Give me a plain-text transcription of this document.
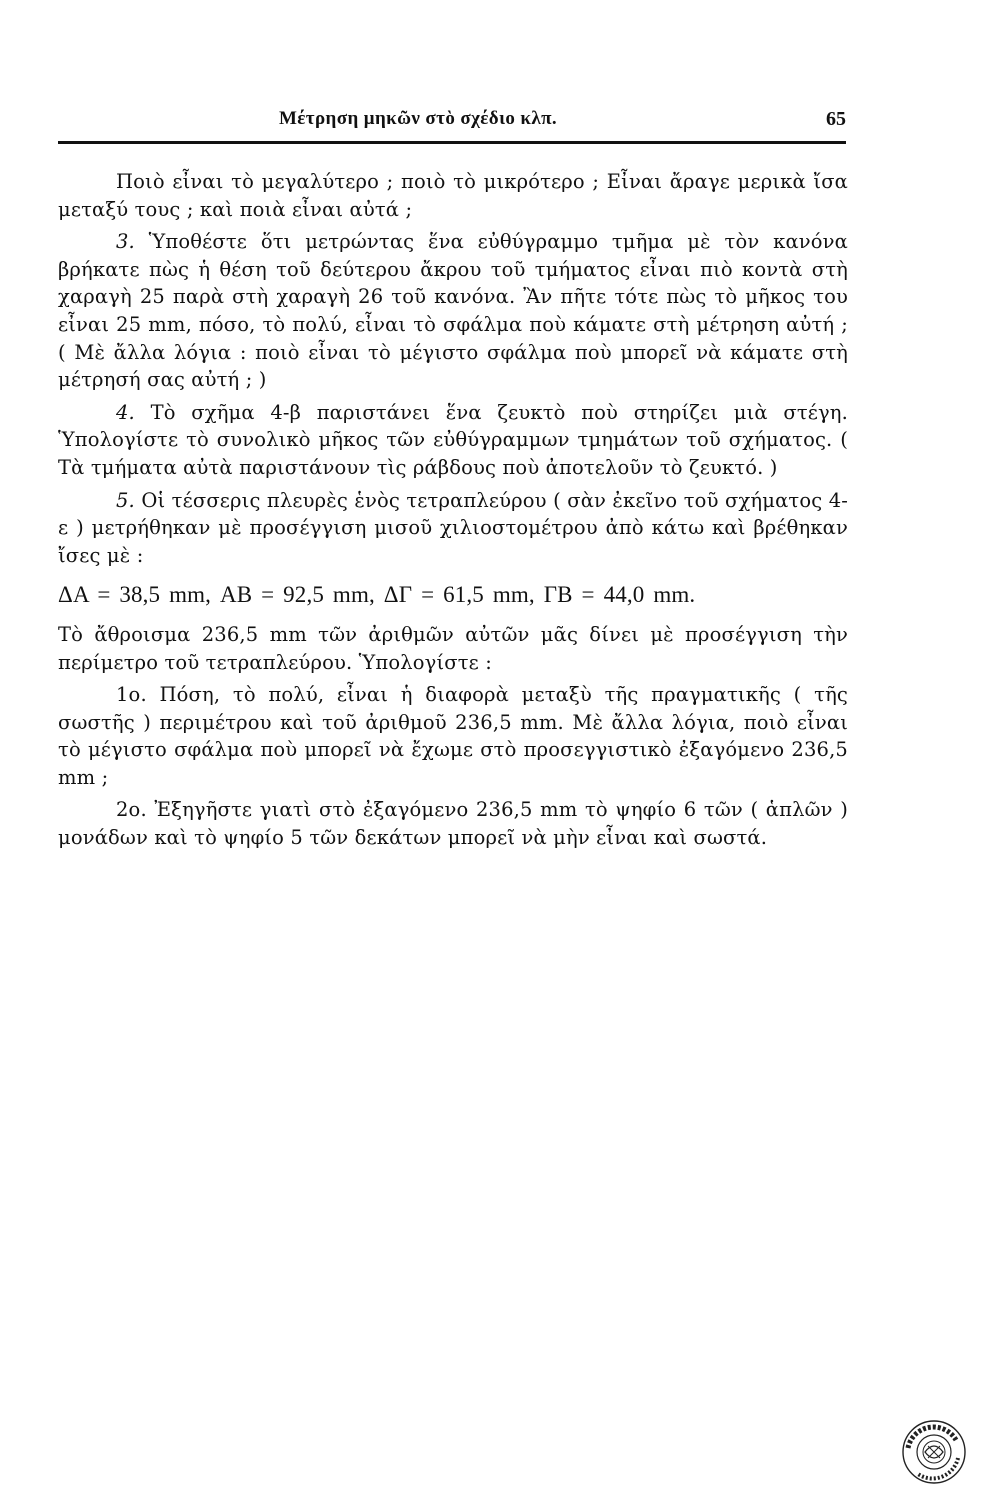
Μέτρηση μηκῶν στὸ σχέδιο κλπ.	65

Ποιὸ εἶναι τὸ μεγαλύτερο ; ποιὸ τὸ μικρότερο ; Εἶναι ἄραγε μερικὰ ἴσα μεταξύ τους ; καὶ ποιὰ εἶναι αὐτά ;

3. Ὑποθέστε ὅτι μετρώντας ἕνα εὐθύγραμμο τμῆμα μὲ τὸν κανόνα βρήκατε πὼς ἡ θέση τοῦ δεύτερου ἄκρου τοῦ τμήματος εἶναι πιὸ κοντὰ στὴ χαραγὴ 25 παρὰ στὴ χαραγὴ 26 τοῦ κανόνα. Ἂν πῆτε τότε πὼς τὸ μῆκος του εἶναι 25 mm, πόσο, τὸ πολύ, εἶναι τὸ σφάλμα ποὺ κάματε στὴ μέτρηση αὐτή ; ( Μὲ ἄλλα λόγια : ποιὸ εἶναι τὸ μέγιστο σφάλμα ποὺ μπορεῖ νὰ κάματε στὴ μέτρησή σας αὐτή ; )

4. Τὸ σχῆμα 4-β παριστάνει ἕνα ζευκτὸ ποὺ στηρίζει μιὰ στέγη. Ὑπολογίστε τὸ συνολικὸ μῆκος τῶν εὐθύγραμμων τμημάτων τοῦ σχήματος. ( Τὰ τμήματα αὐτὰ παριστάνουν τὶς ράβδους ποὺ ἀποτελοῦν τὸ ζευκτό. )

5. Οἱ τέσσερις πλευρὲς ἑνὸς τετραπλεύρου ( σὰν ἐκεῖνο τοῦ σχήματος 4-ε ) μετρήθηκαν μὲ προσέγγιση μισοῦ χιλιοστομέτρου ἀπὸ κάτω καὶ βρέθηκαν ἴσες μὲ :

ΔΑ = 38,5 mm, ΑΒ = 92,5 mm, ΔΓ = 61,5 mm, ΓΒ = 44,0 mm.

Τὸ ἄθροισμα 236,5 mm τῶν ἀριθμῶν αὐτῶν μᾶς δίνει μὲ προσέγγιση τὴν περίμετρο τοῦ τετραπλεύρου. Ὑπολογίστε :

1ο. Πόση, τὸ πολύ, εἶναι ἡ διαφορὰ μεταξὺ τῆς πραγματικῆς ( τῆς σωστῆς ) περιμέτρου καὶ τοῦ ἀριθμοῦ 236,5 mm. Μὲ ἄλλα λόγια, ποιὸ εἶναι τὸ μέγιστο σφάλμα ποὺ μπορεῖ νὰ ἔχωμε στὸ προσεγγιστικὸ ἐξαγόμενο 236,5 mm ;

2ο. Ἐξηγῆστε γιατὶ στὸ ἐξαγόμενο 236,5 mm τὸ ψηφίο 6 τῶν ( ἁπλῶν ) μονάδων καὶ τὸ ψηφίο 5 τῶν δεκάτων μπορεῖ νὰ μὴν εἶναι καὶ σωστά.
